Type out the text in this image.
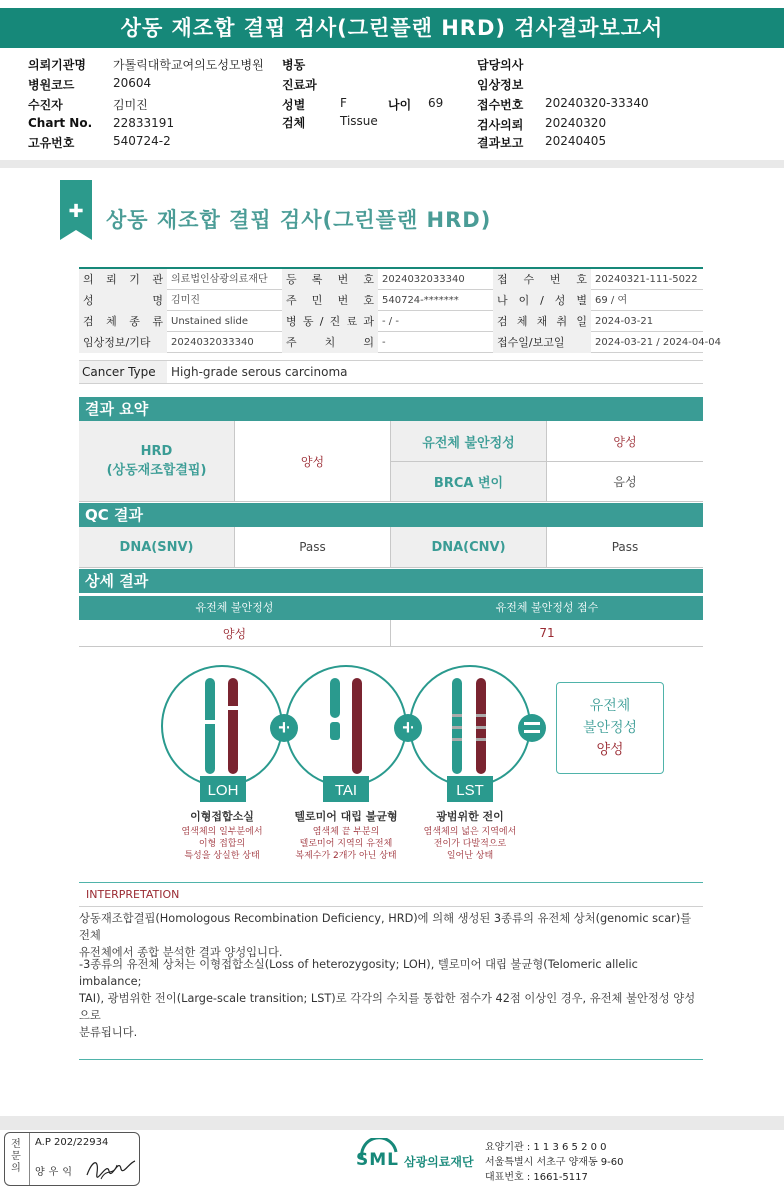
상동 재조합 결핍 검사(그린플랜 HRD) 검사결과보고서
의뢰기관명 가톨릭대학교여의도성모병원
병원코드	20604
수진자	김미진
Chart No. 22833191
고유번호	540724-2
병동
진료과
성별	F	나이 69
검체	Tissue
담당의사
임상정보
접수번호 20240320-33340
검사의뢰 20240320
결과보고 20240405
✚ 상동 재조합 결핍 검사(그린플랜 HRD)
의 뢰 기 관 의료법인삼광의료재단	등 록 번 호 2024032033340	접 수 번 호 20240321-111-5022
성 명 김미진	주 민 번 호 540724-*******	나 이 / 성 별 69 / 여
검 체 종 류 Unstained slide	병 동 / 진 료 과 - / -	검 체 채 취 일 2024-03-21
임상정보/기타	2024032033340	주 치 의 -	접수일/보고일	2024-03-21 / 2024-04-04
Cancer Type	High-grade serous carcinoma
결과 요약
HRD
(상동재조합결핍)
양성
유전체 불안정성	양성
BRCA 변이	음성
QC 결과
DNA(SNV)	Pass	DNA(CNV)	Pass
상세 결과
유전체 불안정성	유전체 불안정성 점수
양성	71
LOH
+
TAI
+
LST
유전체
불안정성
양성
이형접합소실
염색체의 일부분에서
이형 접합의
특성을 상실한 상태
텔로미어 대립 불균형
염색체 끝 부분의
텔로미어 지역의 유전체
복제수가 2개가 아닌 상태
광범위한 전이
염색체의 넓은 지역에서
전이가 다발적으로
일어난 상태
INTERPRETATION
상동재조합결핍(Homologous Recombination Deficiency, HRD)에 의해 생성된 3종류의 유전체 상처(genomic scar)를 전체
유전체에서 종합 분석한 결과 양성입니다.
-3종류의 유전체 상처는 이형접합소실(Loss of heterozygosity; LOH), 텔로미어 대립 불균형(Telomeric allelic imbalance;
TAI), 광범위한 전이(Large-scale transition; LST)로 각각의 수치를 통합한 점수가 42점 이상인 경우, 유전체 불안정성 양성으로
분류됩니다.
전문의
A.P 202/22934
양우익
SML 삼광의료재단
요양기관 : 1 1 3 6 5 2 0 0
서울특별시 서초구 양재동 9-60
대표번호 : 1661-5117
